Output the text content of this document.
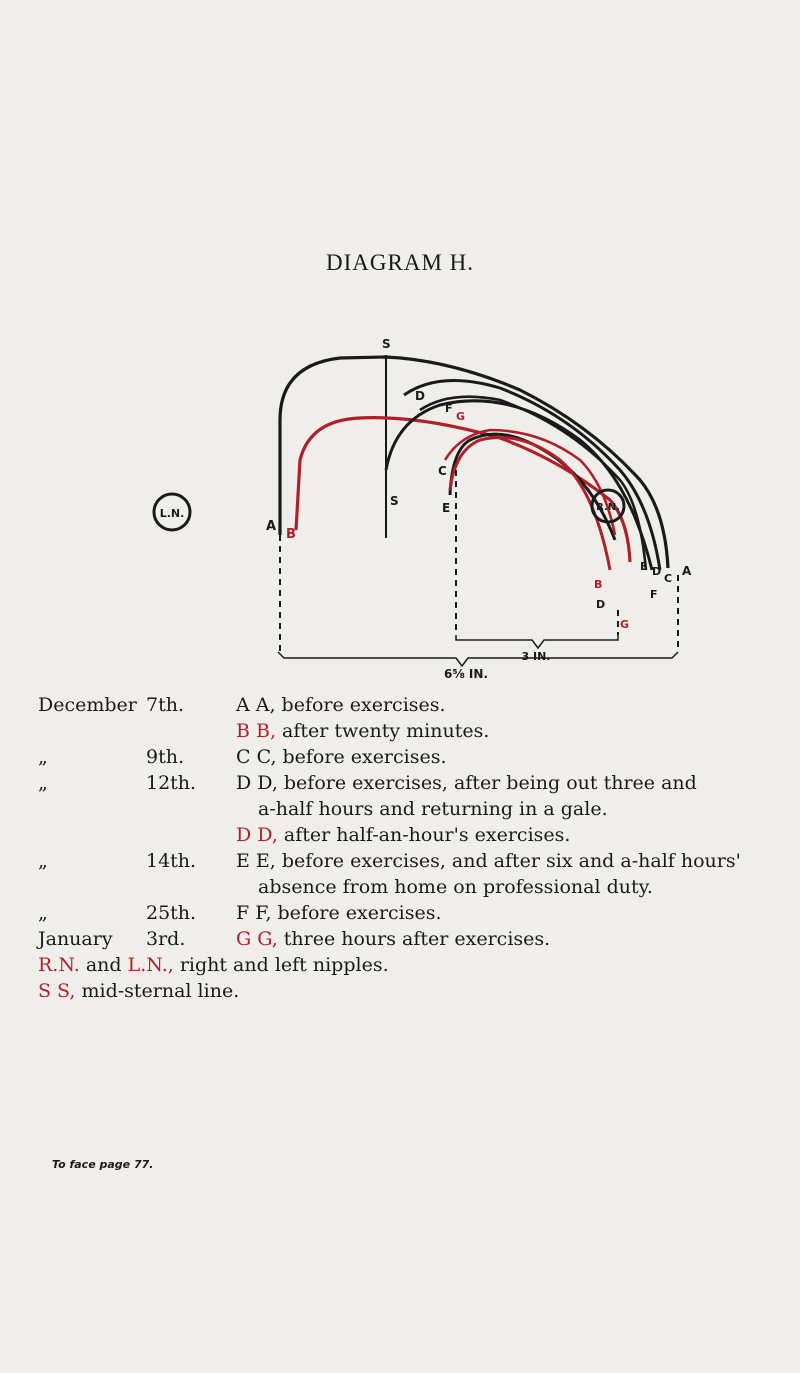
DIAGRAM H.
L.N.	R.N.
3 IN.
6⅝ IN.
S
S
D
F
G
C
E
A
B
A
B
E D
C
D
F
G
December 7th.	A A, before exercises.
B B, after twenty minutes.
„	9th.	C C, before exercises.
„	12th. D D, before exercises, after being out three and
a-half hours and returning in a gale.
D D, after half-an-hour's exercises.
„	14th. E E, before exercises, and after six and a-half hours'
absence from home on professional duty.
„	25th. F F, before exercises.
January	3rd.	G G, three hours after exercises.
R.N. and L.N., right and left nipples.
S S, mid-sternal line.
To face page 77.
